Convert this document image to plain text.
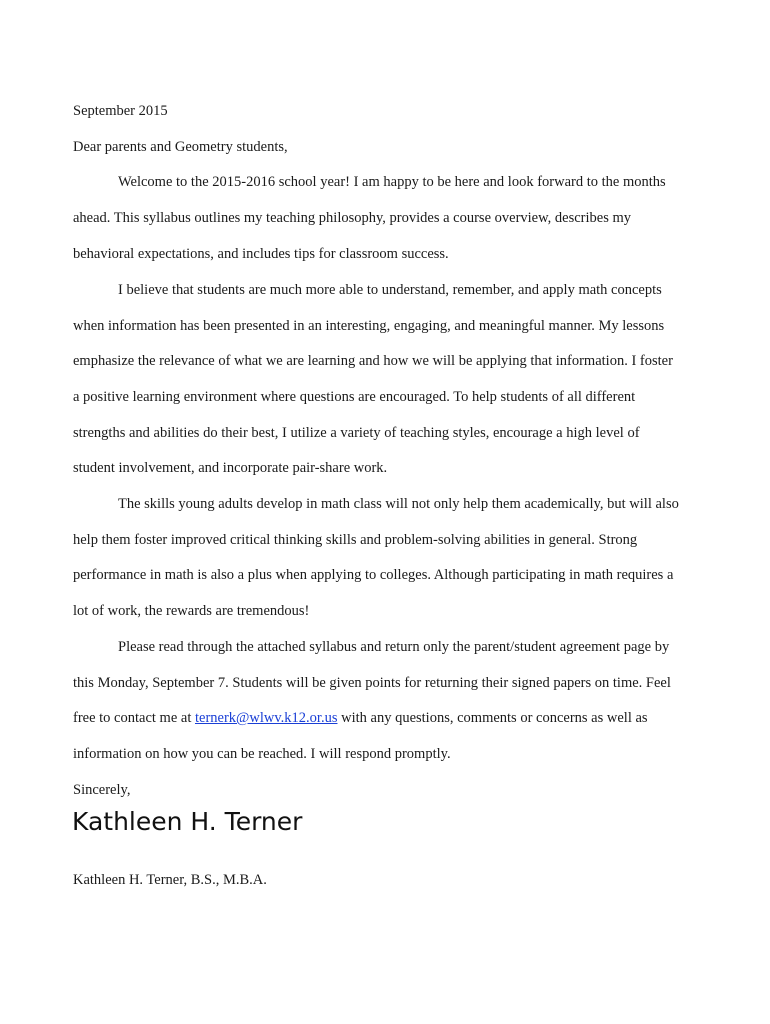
September 2015
Dear parents and Geometry students,
Welcome to the 2015-2016 school year! I am happy to be here and look forward to the months
ahead. This syllabus outlines my teaching philosophy, provides a course overview, describes my
behavioral expectations, and includes tips for classroom success.
I believe that students are much more able to understand, remember, and apply math concepts
when information has been presented in an interesting, engaging, and meaningful manner. My lessons
emphasize the relevance of what we are learning and how we will be applying that information. I foster
a positive learning environment where questions are encouraged. To help students of all different
strengths and abilities do their best, I utilize a variety of teaching styles, encourage a high level of
student involvement, and incorporate pair-share work.
The skills young adults develop in math class will not only help them academically, but will also
help them foster improved critical thinking skills and problem-solving abilities in general. Strong
performance in math is also a plus when applying to colleges. Although participating in math requires a
lot of work, the rewards are tremendous!
Please read through the attached syllabus and return only the parent/student agreement page by
this Monday, September 7. Students will be given points for returning their signed papers on time. Feel
free to contact me at ternerk@wlwv.k12.or.us with any questions, comments or concerns as well as
information on how you can be reached. I will respond promptly.
Sincerely,
Kathleen H. Terner
Kathleen H. Terner, B.S., M.B.A.
